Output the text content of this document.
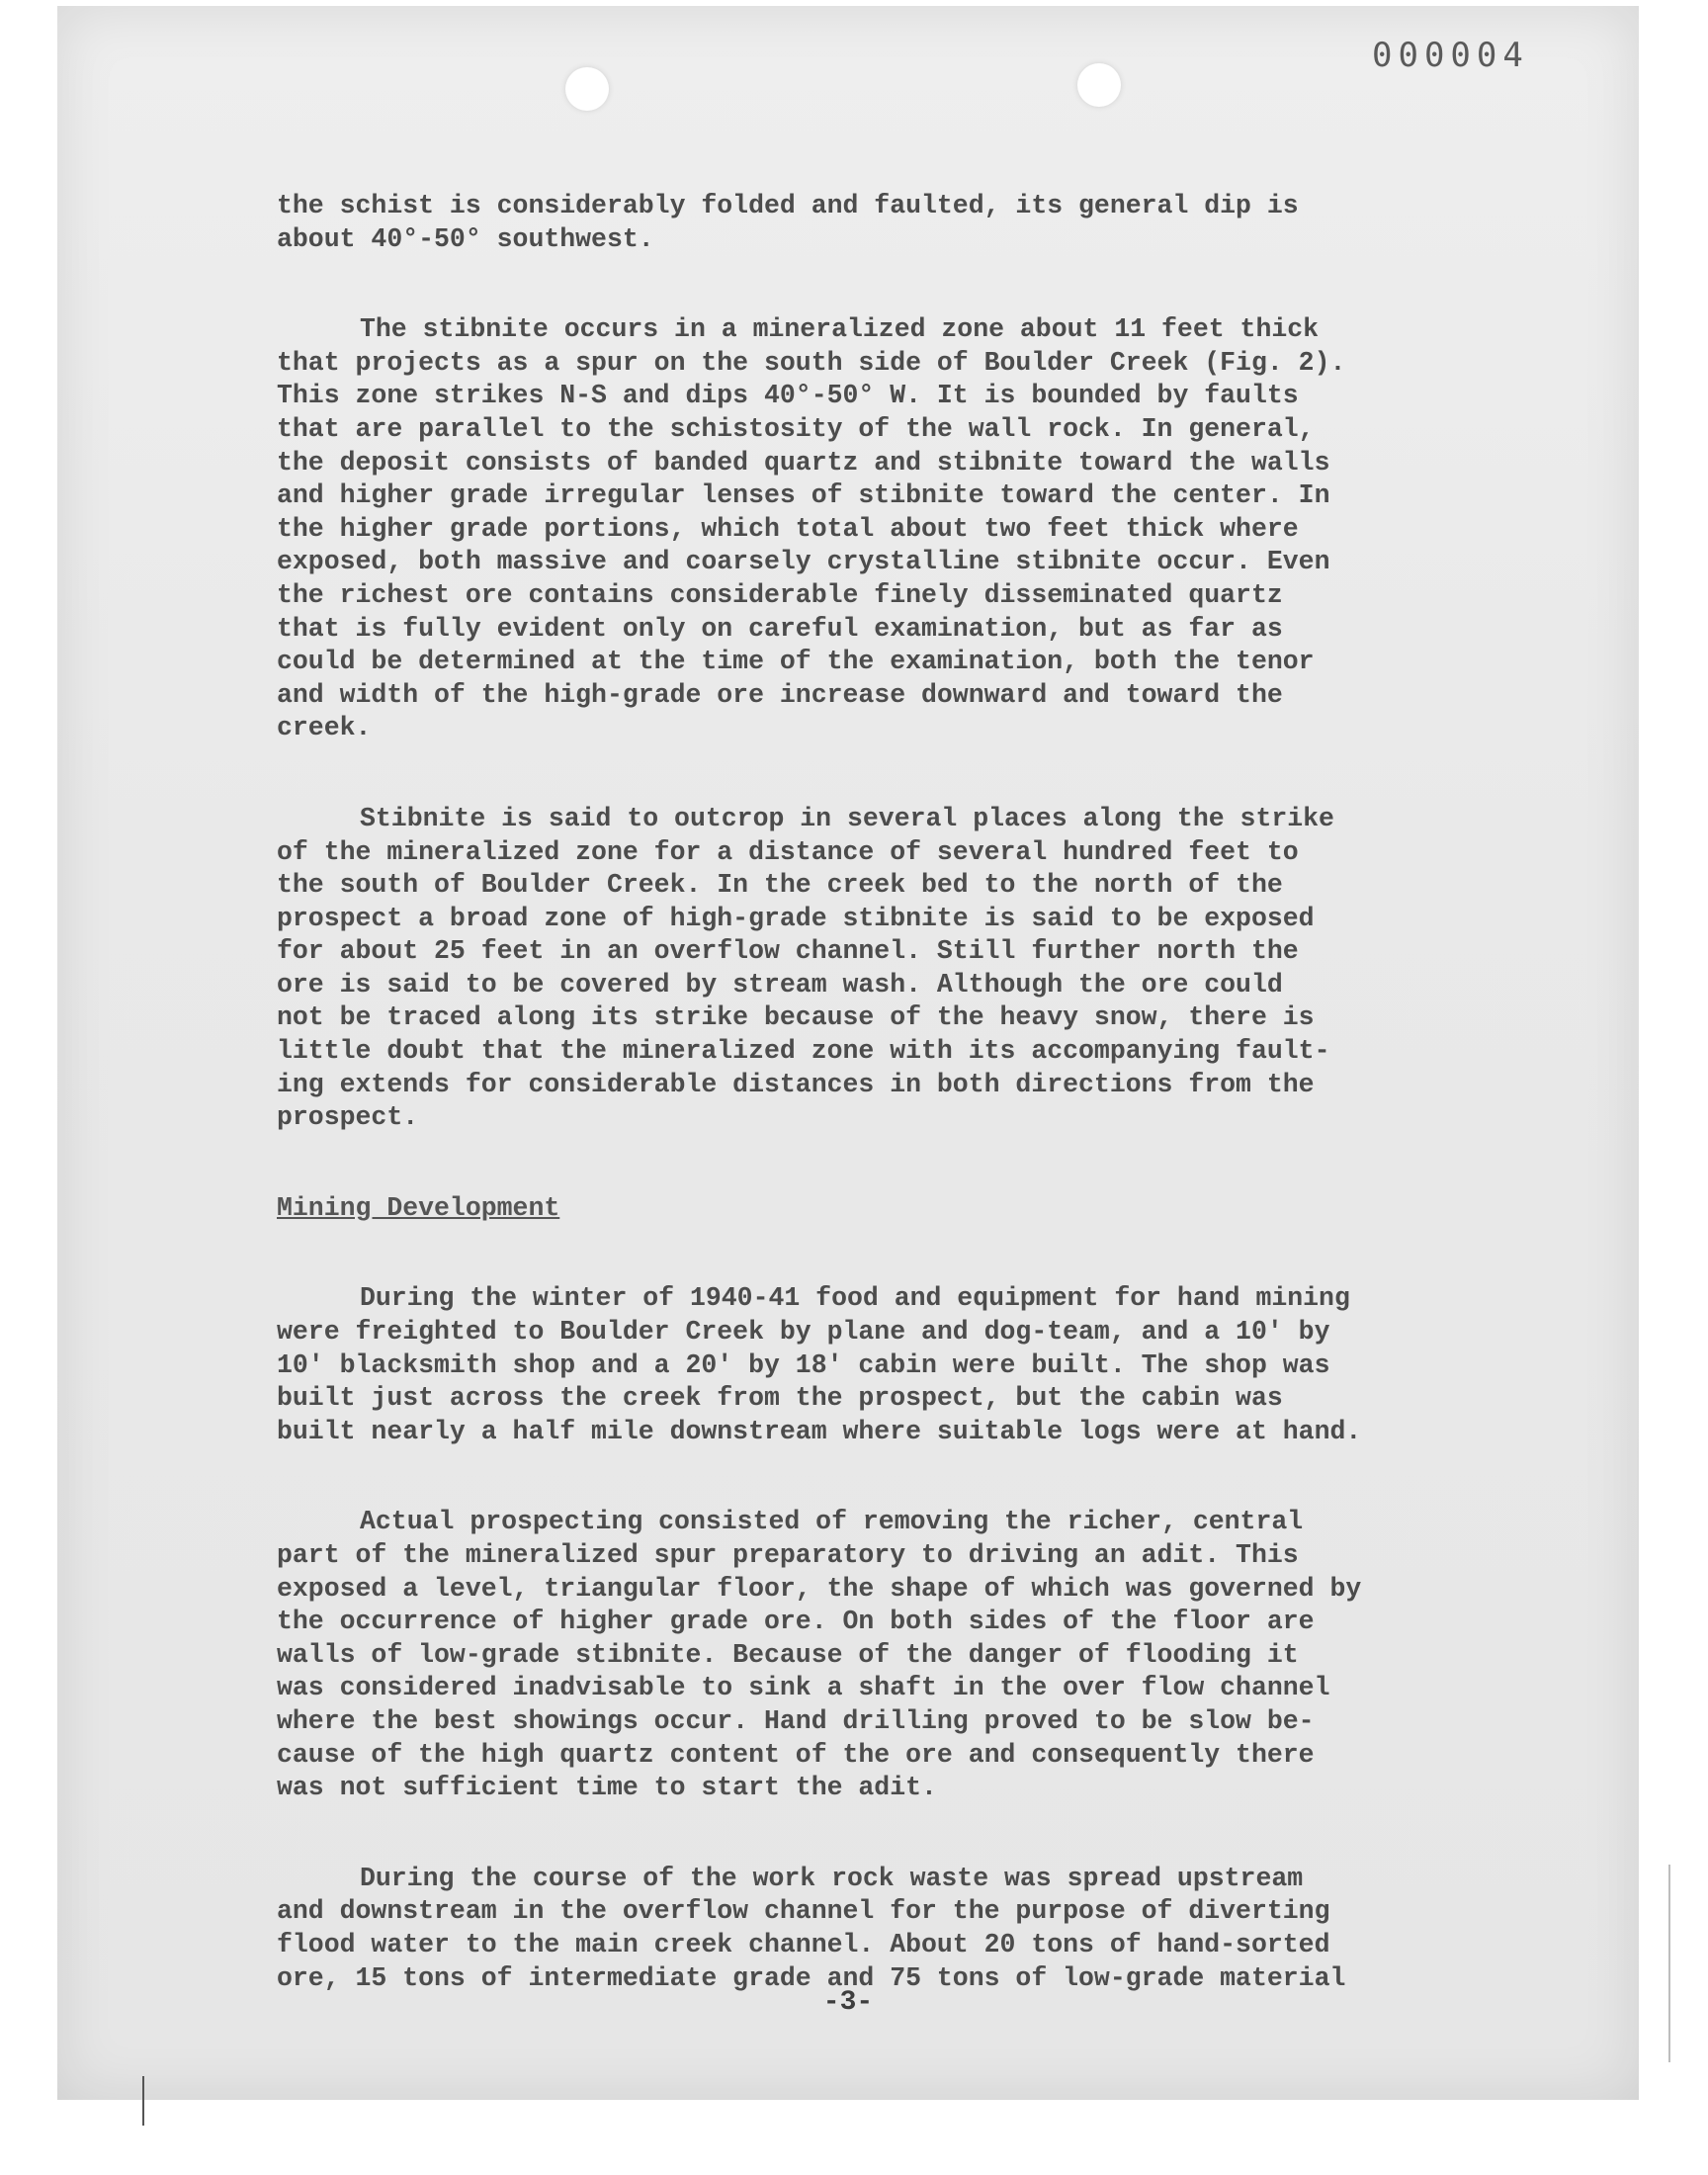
000004

the schist is considerably folded and faulted, its general dip is
about 40°-50° southwest.

The stibnite occurs in a mineralized zone about 11 feet thick
that projects as a spur on the south side of Boulder Creek (Fig. 2).
This zone strikes N-S and dips 40°-50° W. It is bounded by faults
that are parallel to the schistosity of the wall rock. In general,
the deposit consists of banded quartz and stibnite toward the walls
and higher grade irregular lenses of stibnite toward the center. In
the higher grade portions, which total about two feet thick where
exposed, both massive and coarsely crystalline stibnite occur. Even
the richest ore contains considerable finely disseminated quartz
that is fully evident only on careful examination, but as far as
could be determined at the time of the examination, both the tenor
and width of the high-grade ore increase downward and toward the
creek.

Stibnite is said to outcrop in several places along the strike
of the mineralized zone for a distance of several hundred feet to
the south of Boulder Creek. In the creek bed to the north of the
prospect a broad zone of high-grade stibnite is said to be exposed
for about 25 feet in an overflow channel. Still further north the
ore is said to be covered by stream wash. Although the ore could
not be traced along its strike because of the heavy snow, there is
little doubt that the mineralized zone with its accompanying fault-
ing extends for considerable distances in both directions from the
prospect.

Mining Development

During the winter of 1940-41 food and equipment for hand mining
were freighted to Boulder Creek by plane and dog-team, and a 10' by
10' blacksmith shop and a 20' by 18' cabin were built. The shop was
built just across the creek from the prospect, but the cabin was
built nearly a half mile downstream where suitable logs were at hand.

Actual prospecting consisted of removing the richer, central
part of the mineralized spur preparatory to driving an adit. This
exposed a level, triangular floor, the shape of which was governed by
the occurrence of higher grade ore. On both sides of the floor are
walls of low-grade stibnite. Because of the danger of flooding it
was considered inadvisable to sink a shaft in the over flow channel
where the best showings occur. Hand drilling proved to be slow be-
cause of the high quartz content of the ore and consequently there
was not sufficient time to start the adit.

During the course of the work rock waste was spread upstream
and downstream in the overflow channel for the purpose of diverting
flood water to the main creek channel. About 20 tons of hand-sorted
ore, 15 tons of intermediate grade and 75 tons of low-grade material

-3-
